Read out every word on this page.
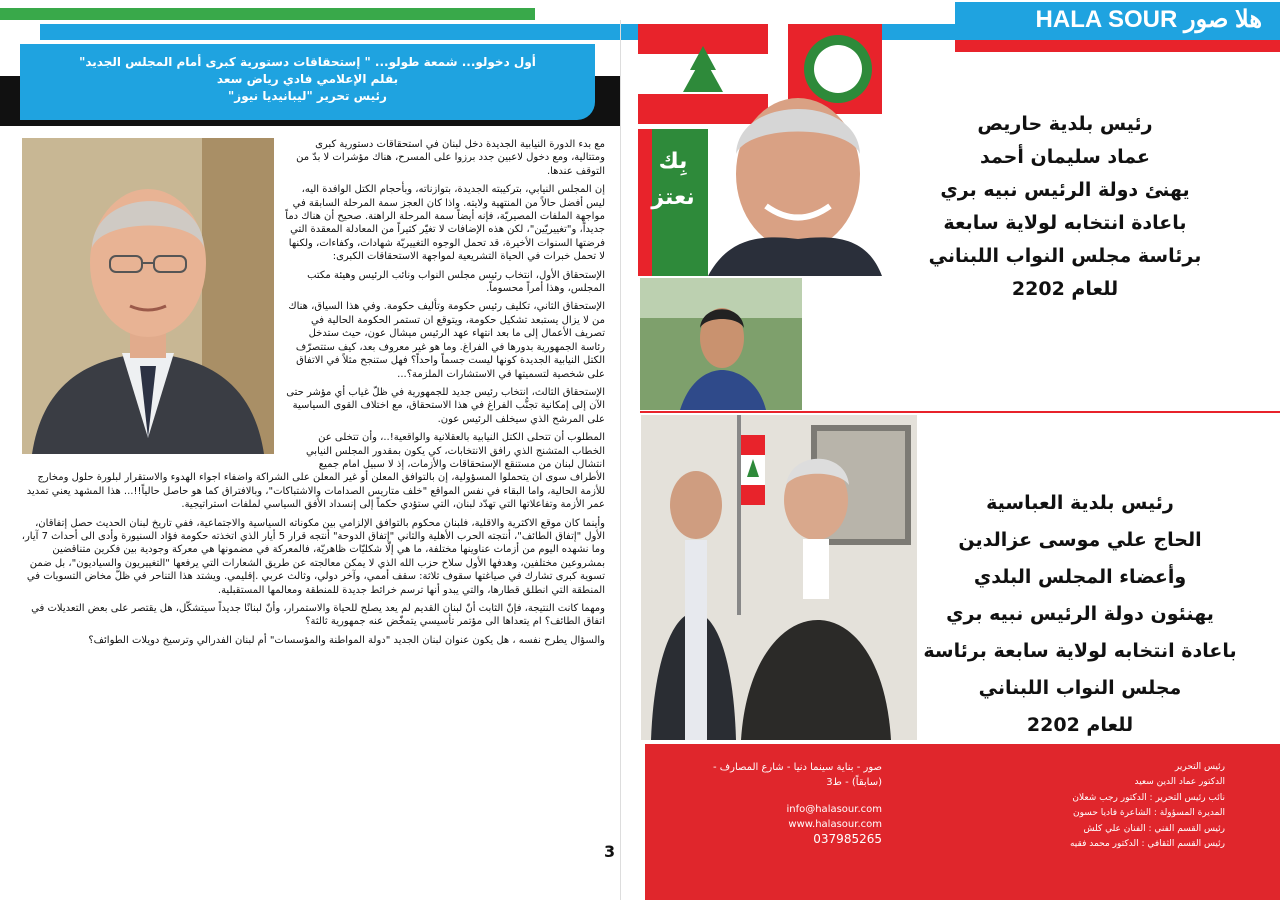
HALA SOUR هلا صور
أول دخولو... شمعة طولو... " إستحقاقات دستورية كبرى أمام المجلس الجديد"
بقلم الإعلامي فادي رياض سعد
رئيس تحرير "ليبانيديا نيوز"

مع بدء الدورة النيابية الجديدة دخل لبنان في استحقاقات دستورية كبرى ومتتالية، ومع دخول لاعبين جدد برزوا على المسرح، هناك مؤشرات لا بدّ من التوقف عندها.

إن المجلس النيابي، بتركيبته الجديدة، بتوازناته، وبأحجام الكتل الوافدة اليه، ليس أفضل حالاً من المنتهية ولايته. واذا كان العجز سمة المرحلة السابقة في مواجهة الملفات المصيريّة، فإنه أيضاً سمة المرحلة الراهنة. صحيح أن هناك دماً جديداً، و"تغييريّين"، لكن هذه الإضافات لا تغيّر كثيراً من المعادلة المعقدة التي فرضتها السنوات الأخيرة، قد تحمل الوجوه التغييريّة شهادات، وكفاءات، ولكنها لا تحمل خبرات في الحياة التشريعية لمواجهة الاستحقاقات الكبرى:

الإستحقاق الأول، انتخاب رئيس مجلس النواب ونائب الرئيس وهيئة مكتب المجلس، وهذا أمراً محسوماً.

الإستحقاق الثاني، تكليف رئيس حكومة وتأليف حكومة. وفي هذا السياق، هناك من لا يزال يستبعد تشكيل حكومة، ويتوقع ان تستمر الحكومة الحالية في تصريف الأعمال إلى ما بعد انتهاء عهد الرئيس ميشال عون، حيث ستدخل رئاسة الجمهورية بدورها في الفراغ. وما هو غير معروف بعد، كيف ستتصرّف الكتل النيابية الجديدة كونها ليست جسماً واحداً؟ فهل ستنجح مثلاً في الاتفاق على شخصية لتسميتها في الاستشارات الملزمة؟...

الإستحقاق الثالث، انتخاب رئيس جديد للجمهورية في ظلّ غياب أي مؤشر حتى الآن إلى إمكانية تجنُّب الفراغ في هذا الاستحقاق، مع اختلاف القوى السياسية على المرشح الذي سيخلف الرئيس عون.

المطلوب أن تتحلى الكتل النيابية بالعقلانية والواقعية!..، وأن تتخلى عن الخطاب المتشنج الذي رافق الانتخابات، كي يكون بمقدور المجلس النيابي انتشال لبنان من مستنقع الإستحقاقات والأزمات، إذ لا سبيل امام جميع الأطراف سوى ان يتحملوا المسؤولية، إن بالتوافق المعلن أو غير المعلن على الشراكة واضفاء اجواء الهدوء والاستقرار لبلورة حلول ومخارج للأزمة الحالية، واما البقاء في نفس المواقع "خلف متاريس الصدامات والاشتباكات"، وبالافتراق كما هو حاصل حالياً!!... هذا المشهد يعني تمديد عمر الأزمة وتفاعلاتها التي تهدّد لبنان، التي ستؤدي حكماً إلى إنسداد الأفق السياسي لملفات استراتيجية.

وأينما كان موقع الاكثرية والاقلية، فلبنان محكوم بالتوافق الإلزامي بين مكوناته السياسية والاجتماعية، ففي تاريخ لبنان الحديث حصل إتفاقان، الأول "إتفاق الطائف"، أنتجته الحرب الأهلية والثاني "إتفاق الدوحة" أنتجه قرار 5 أيار الذي اتخذته حكومة فؤاد السنيورة وأدى الى أحداث 7 آيار، وما نشهده اليوم من أزمات عناوينها مختلفة، ما هي إلّا شكليّات ظاهريّة، فالمعركة في مضمونها هي معركة وجودية بين فكرين متناقضين بمشروعين مختلفين، وهدفها الأول سلاح حزب الله الذي لا يمكن معالجته عن طريق الشعارات التي يرفعها "التغييريون والسياديون"، بل ضمن تسوية كبرى تشارك في صياغتها سقوف ثلاثة: سقف أممي، وآخر دولي، وثالث عربي .إقليمي. ويشتد هذا التناحر في ظلّ مخاض التسويات في المنطقة التي انطلق قطارها، والتي يبدو أنها ترسم خرائط جديدة للمنطقة ومعالمها المستقبلية.

ومهما كانت النتيجة، فإنّ الثابت أنّ لبنان القديم لم يعد يصلح للحياة والاستمرار، وأنّ لبنانًا جديداً سيتشكّل، هل يقتصر على بعض التعديلات في اتفاق الطائف؟ ام يتعداها الى مؤتمر تأسيسي يتمخّض عنه جمهورية ثالثة؟

والسؤال يطرح نفسه ، هل يكون عنوان لبنان الجديد "دولة المواطنة والمؤسسات" أم لبنان الفدرالي وترسيخ دويلات الطوائف؟

3
بِك
نعتز
رئيس بلدية حاريص
عماد سليمان أحمد
يهنئ دولة الرئيس نبيه بري
باعادة انتخابه لولاية سابعة
برئاسة مجلس النواب اللبناني
للعام 2202
رئيس بلدية العباسية
الحاج علي موسى عزالدين
وأعضاء المجلس البلدي
يهنئون دولة الرئيس نبيه بري
باعادة انتخابه لولاية سابعة برئاسة
مجلس النواب اللبناني
للعام 2202
رئيس التحرير
الدكتور عماد الدين سعيد
نائب رئيس التحرير : الدكتور رجب شعلان
المديرة المسؤولة : الشاعرة فاديا حسون
رئيس القسم الفني : الفنان علي كلش
رئيس القسم الثقافي : الدكتور محمد فقيه
صور - بناية سينما دنيا - شارع المصارف -
(سابقاً) - ط3
info@halasour.com
www.halasour.com
037985265
